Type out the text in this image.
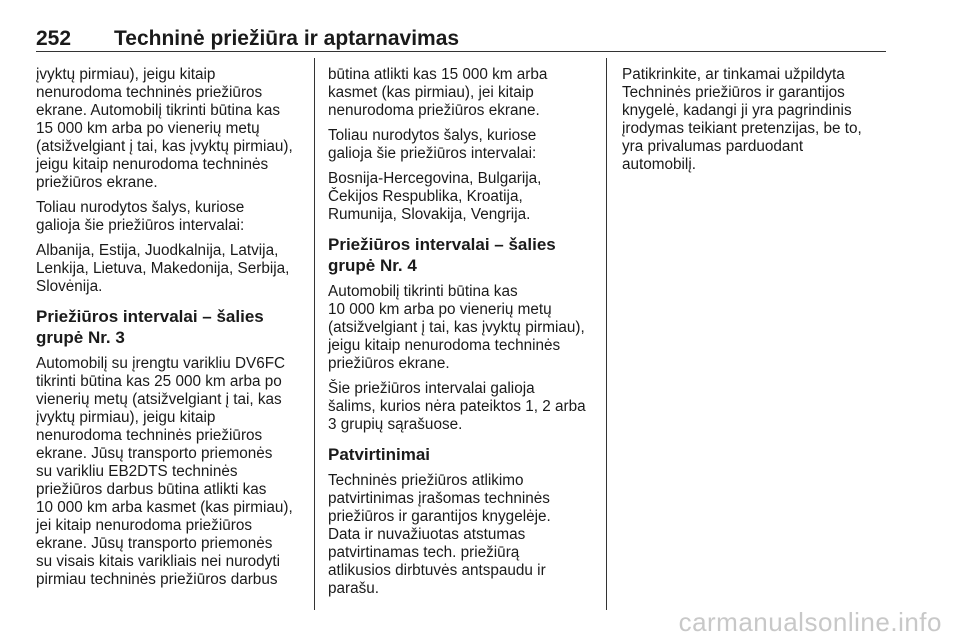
252 Techninė priežiūra ir aptarnavimas

įvyktų pirmiau), jeigu kitaip
nenurodoma techninės priežiūros
ekrane. Automobilį tikrinti būtina kas
15 000 km arba po vienerių metų
(atsižvelgiant į tai, kas įvyktų pirmiau),
jeigu kitaip nenurodoma techninės
priežiūros ekrane.

Toliau nurodytos šalys, kuriose
galioja šie priežiūros intervalai:

Albanija, Estija, Juodkalnija, Latvija,
Lenkija, Lietuva, Makedonija, Serbija,
Slovėnija.

Priežiūros intervalai – šalies
grupė Nr. 3

Automobilį su įrengtu varikliu DV6FC
tikrinti būtina kas 25 000 km arba po
vienerių metų (atsižvelgiant į tai, kas
įvyktų pirmiau), jeigu kitaip
nenurodoma techninės priežiūros
ekrane. Jūsų transporto priemonės
su varikliu EB2DTS techninės
priežiūros darbus būtina atlikti kas
10 000 km arba kasmet (kas pirmiau),
jei kitaip nenurodoma priežiūros
ekrane. Jūsų transporto priemonės
su visais kitais varikliais nei nurodyti
pirmiau techninės priežiūros darbus

būtina atlikti kas 15 000 km arba
kasmet (kas pirmiau), jei kitaip
nenurodoma priežiūros ekrane.

Toliau nurodytos šalys, kuriose
galioja šie priežiūros intervalai:

Bosnija-Hercegovina, Bulgarija,
Čekijos Respublika, Kroatija,
Rumunija, Slovakija, Vengrija.

Priežiūros intervalai – šalies
grupė Nr. 4

Automobilį tikrinti būtina kas
10 000 km arba po vienerių metų
(atsižvelgiant į tai, kas įvyktų pirmiau),
jeigu kitaip nenurodoma techninės
priežiūros ekrane.

Šie priežiūros intervalai galioja
šalims, kurios nėra pateiktos 1, 2 arba
3 grupių sąrašuose.

Patvirtinimai

Techninės priežiūros atlikimo
patvirtinimas įrašomas techninės
priežiūros ir garantijos knygelėje.
Data ir nuvažiuotas atstumas
patvirtinamas tech. priežiūrą
atlikusios dirbtuvės antspaudu ir
parašu.

Patikrinkite, ar tinkamai užpildyta
Techninės priežiūros ir garantijos
knygelė, kadangi ji yra pagrindinis
įrodymas teikiant pretenzijas, be to,
yra privalumas parduodant
automobilį.

carmanualsonline.info
